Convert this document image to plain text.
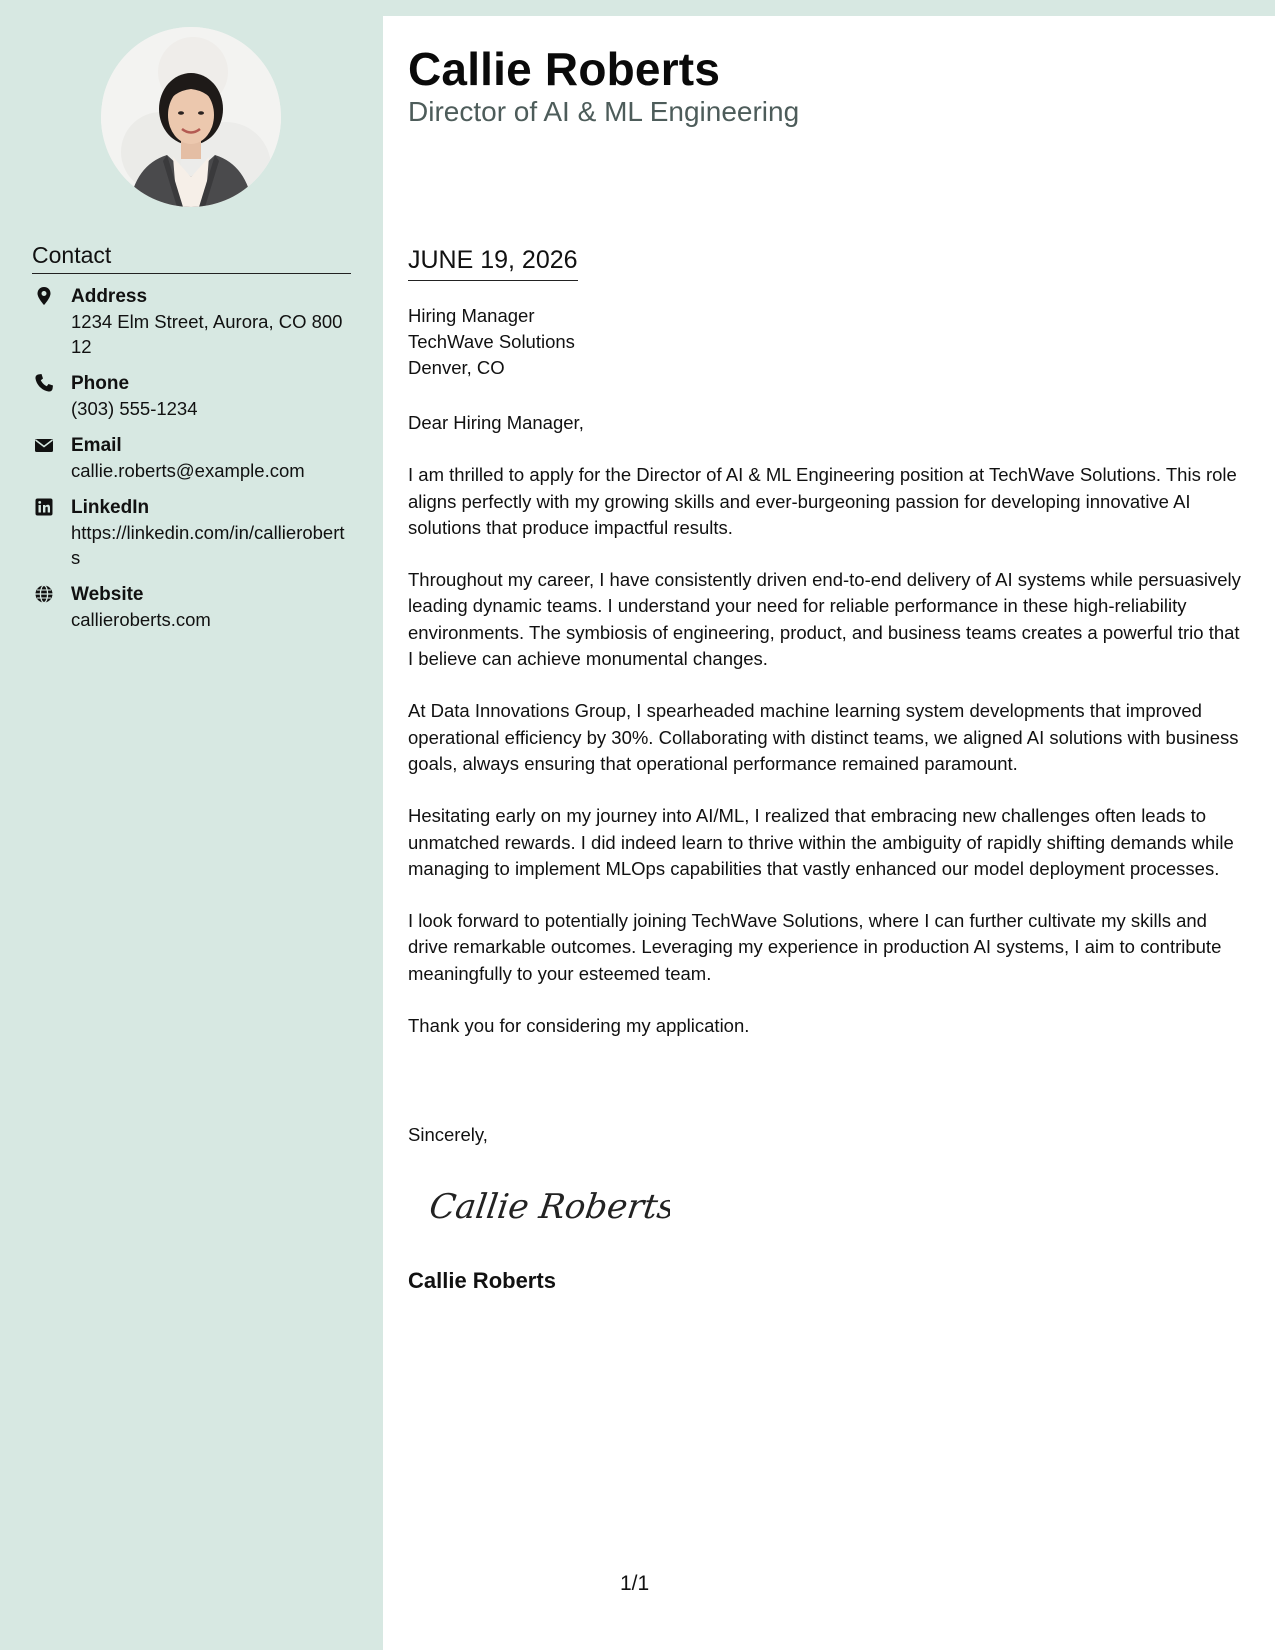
Contact
Address
1234 Elm Street, Aurora, CO 80012
Phone
(303) 555-1234
Email
callie.roberts@example.com
LinkedIn
https://linkedin.com/in/callieroberts
Website
callieroberts.com
Callie Roberts
Director of AI & ML Engineering
JUNE 19, 2026
Hiring Manager
TechWave Solutions
Denver, CO

Dear Hiring Manager,

I am thrilled to apply for the Director of AI & ML Engineering position at TechWave Solutions. This role aligns perfectly with my growing skills and ever-burgeoning passion for developing innovative AI solutions that produce impactful results.

Throughout my career, I have consistently driven end-to-end delivery of AI systems while persuasively leading dynamic teams. I understand your need for reliable performance in these high-reliability environments. The symbiosis of engineering, product, and business teams creates a powerful trio that I believe can achieve monumental changes.

At Data Innovations Group, I spearheaded machine learning system developments that improved operational efficiency by 30%. Collaborating with distinct teams, we aligned AI solutions with business goals, always ensuring that operational performance remained paramount.

Hesitating early on my journey into AI/ML, I realized that embracing new challenges often leads to unmatched rewards. I did indeed learn to thrive within the ambiguity of rapidly shifting demands while managing to implement MLOps capabilities that vastly enhanced our model deployment processes.

I look forward to potentially joining TechWave Solutions, where I can further cultivate my skills and drive remarkable outcomes. Leveraging my experience in production AI systems, I aim to contribute meaningfully to your esteemed team.

Thank you for considering my application.

Sincerely,
Callie Roberts
Callie Roberts
1/1
